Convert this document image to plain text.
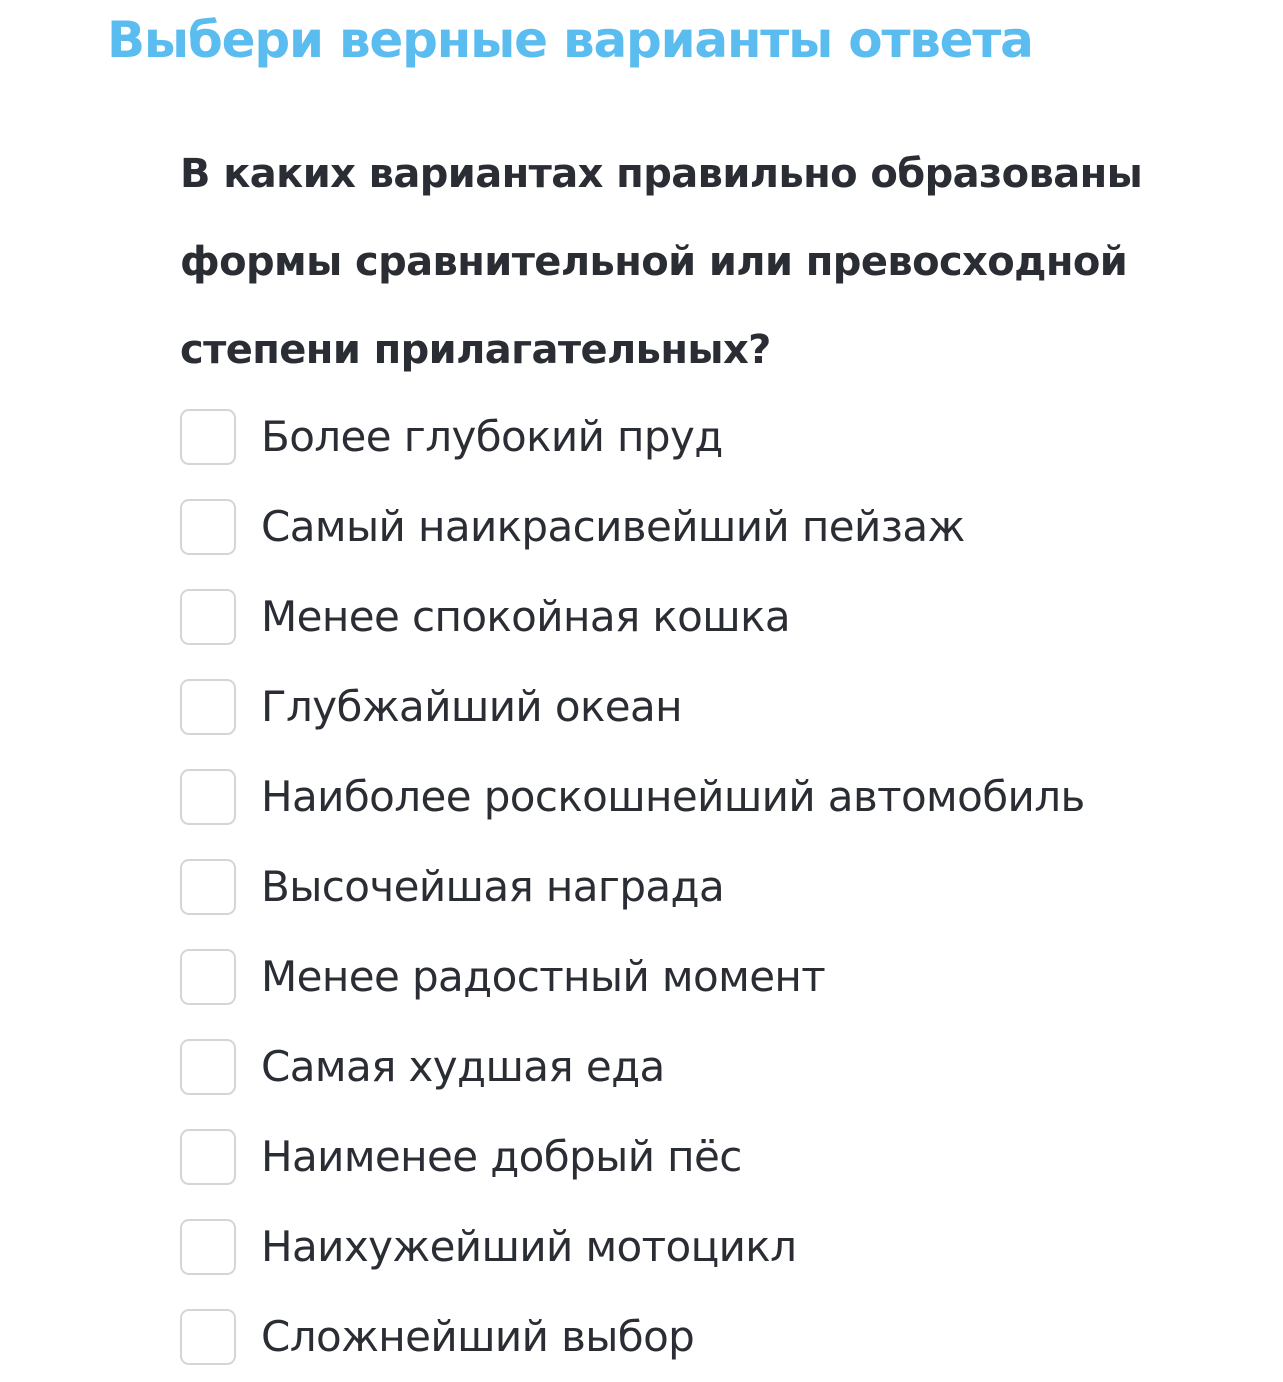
Выбери верные варианты ответа

В каких вариантах правильно образованы формы сравнительной или превосходной степени прилагательных?

Более глубокий пруд
Самый наикрасивейший пейзаж
Менее спокойная кошка
Глубжайший океан
Наиболее роскошнейший автомобиль
Высочейшая награда
Менее радостный момент
Самая худшая еда
Наименее добрый пёс
Наихужейший мотоцикл
Сложнейший выбор
